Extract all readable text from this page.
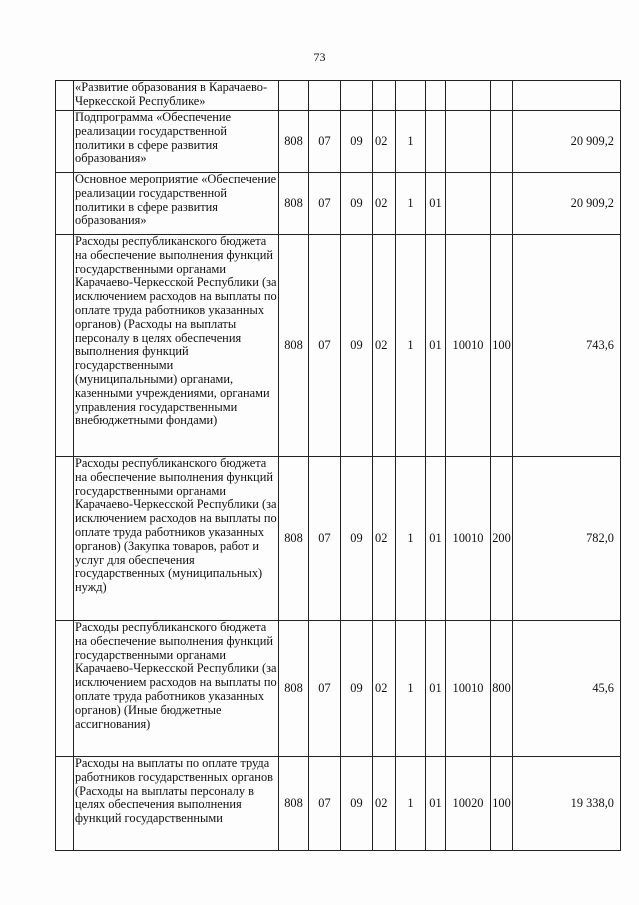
73
	«Развитие образования в Карачаево-Черкесской Республике»									
	Подпрограмма «Обеспечение реализации государственной политики в сфере развития образования»	808	07	09	02	1				20 909,2
	Основное мероприятие «Обеспечение реализации государственной политики в сфере развития образования»	808	07	09	02	1	01			20 909,2
	Расходы республиканского бюджета на обеспечение выполнения функций государственными органами Карачаево-Черкесской Республики (за исключением расходов на выплаты по оплате труда работников указанных органов) (Расходы на выплаты персоналу в целях обеспечения выполнения функций государственными (муниципальными) органами, казенными учреждениями, органами управления государственными внебюджетными фондами)	808	07	09	02	1	01	10010	100	743,6
	Расходы республиканского бюджета на обеспечение выполнения функций государственными органами Карачаево-Черкесской Республики (за исключением расходов на выплаты по оплате труда работников указанных органов) (Закупка товаров, работ и услуг для обеспечения государственных (муниципальных) нужд)	808	07	09	02	1	01	10010	200	782,0
	Расходы республиканского бюджета на обеспечение выполнения функций государственными органами Карачаево-Черкесской Республики (за исключением расходов на выплаты по оплате труда работников указанных органов) (Иные бюджетные ассигнования)	808	07	09	02	1	01	10010	800	45,6
	Расходы на выплаты по оплате труда работников государственных органов (Расходы на выплаты персоналу в целях обеспечения выполнения функций государственными	808	07	09	02	1	01	10020	100	19 338,0
